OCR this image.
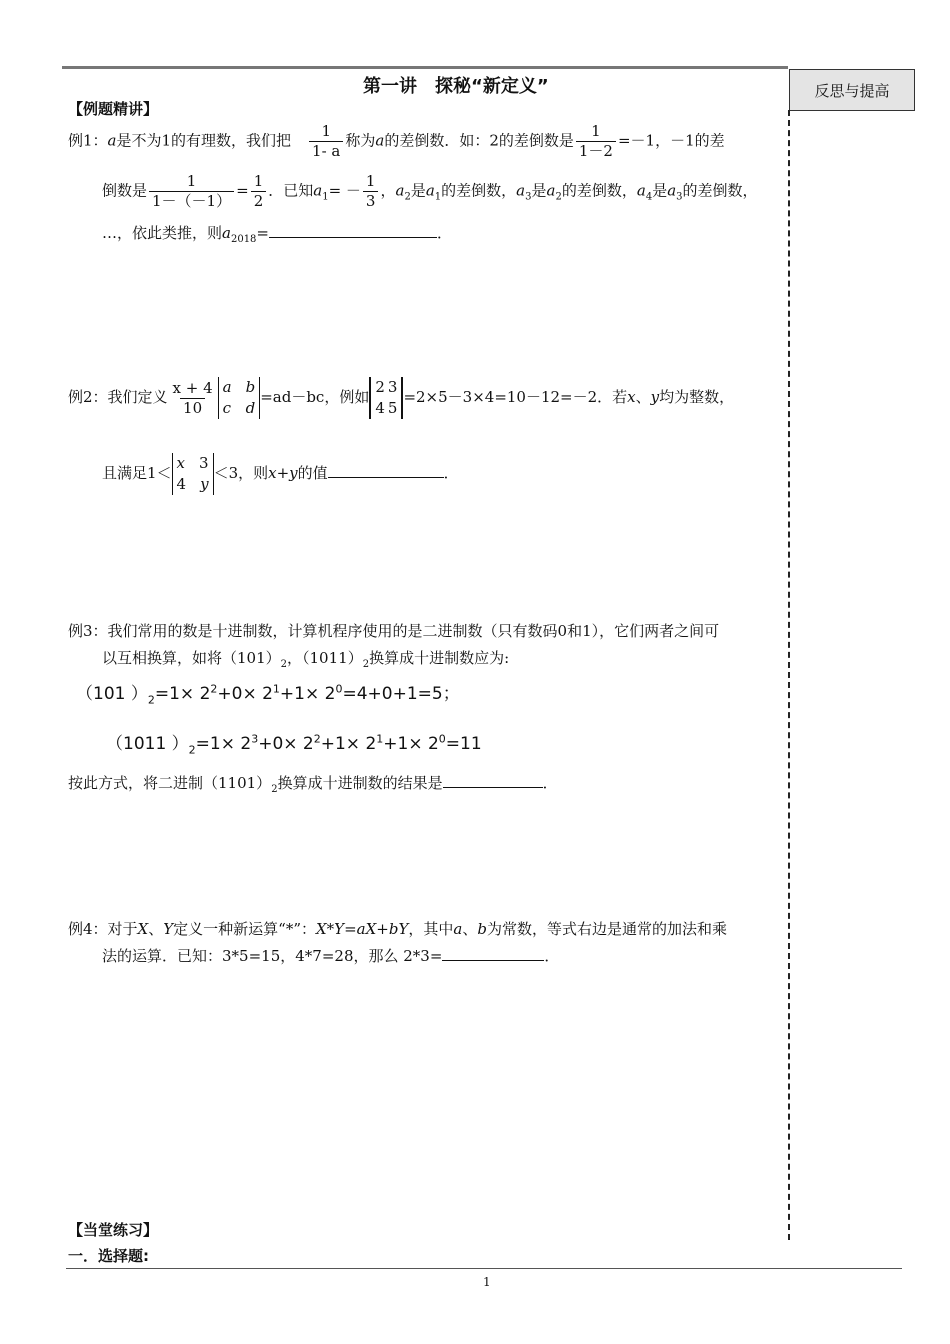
第一讲　探秘“新定义”	反思与提高
【例题精讲】
例1：a是不为1的有理数，我们把 $\frac{1}{1- a}$ 称为a的差倒数．如：2的差倒数是 $\frac{1}{1-2} =-1$，－1的差
倒数是 $\frac{1}{1-(-1)} = \frac{1}{2}$ ．已知$a_1= - \frac{1}{3}$ ，$a_2$是$a_1$的差倒数，$a_3$是$a_2$的差倒数，$a_4$是$a_3$的差倒数，
…，依此类推，则$a_{2018}=$	．
例2：我们定义 $\frac{x + 4}{10}$ a b
c d
=ad－bc，例如
2 3
4 5
=2×5－3×4=10－12=－2．若x、y均为整数，
且满足1＜
x 3
4 y
＜3，则x+y的值	．
例3：我们常用的数是十进制数，计算机程序使用的是二进制数（只有数码0和1），它们两者之间可
以互相换算，如将$(101)_2$，$(1011)_2$换算成十进制数应为:
（101 ）$_2=1\times 2^2+0\times 2^1+1\times 2^0=4+0+1=5$；
（1011 ）$_2=1\times 2^3+0\times 2^2+1\times 2^1+1\times 2^0=11$
按此方式，将二进制$(1101)_2$换算成十进制数的结果是	．
例4：对于X、Y定义一种新运算“*”：X*Y=aX+bY，其中a、b为常数，等式右边是通常的加法和乘
法的运算．已知：3*5=15，4*7=28，那么 2*3=	．
【当堂练习】
一．选择题:
1
